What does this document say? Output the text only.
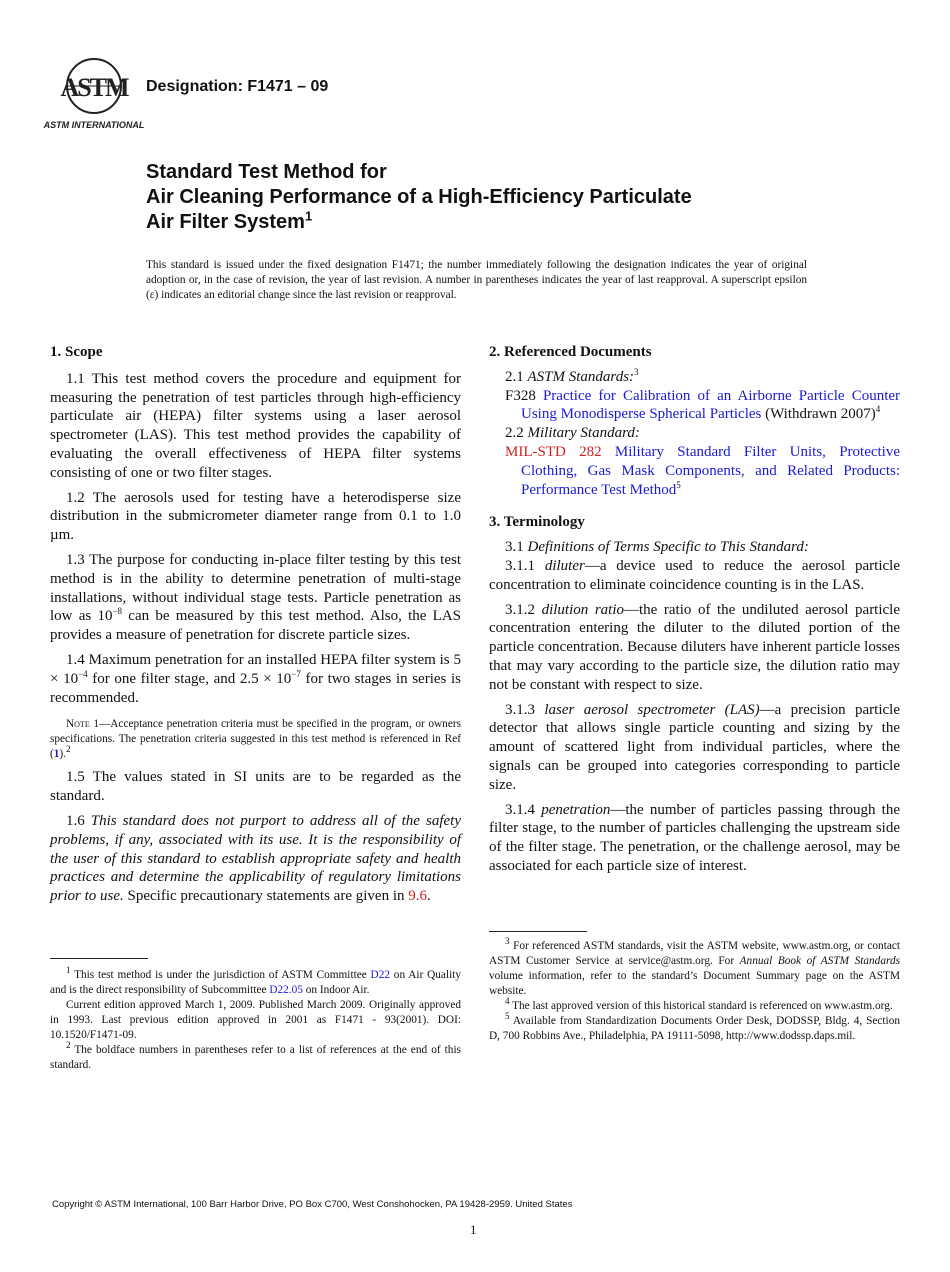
ASTM
ASTM INTERNATIONAL
Designation: F1471 – 09
Standard Test Method for
Air Cleaning Performance of a High-Efficiency Particulate
Air Filter System$^1$
This standard is issued under the fixed designation F1471; the number immediately following the designation indicates the year of original adoption or, in the case of revision, the year of last revision. A number in parentheses indicates the year of last reapproval. A superscript epsilon (ε) indicates an editorial change since the last revision or reapproval.

1. Scope

1.1 This test method covers the procedure and equipment for measuring the penetration of test particles through high-efficiency particulate air (HEPA) filter systems using a laser aerosol spectrometer (LAS). This test method provides the capability of evaluating the overall effectiveness of HEPA filter systems consisting of one or two filter stages.

1.2 The aerosols used for testing have a heterodisperse size distribution in the submicrometer diameter range from 0.1 to 1.0 µm.

1.3 The purpose for conducting in-place filter testing by this test method is in the ability to determine penetration of multi-stage installations, without individual stage tests. Particle penetration as low as $10^{-8}$ can be measured by this test method. Also, the LAS provides a measure of penetration for discrete particle sizes.

1.4 Maximum penetration for an installed HEPA filter system is $5 \times 10^{-4}$ for one filter stage, and $2.5 \times 10^{-7}$ for two stages in series is recommended.

Note 1—Acceptance penetration criteria must be specified in the program, or owners specifications. The penetration criteria suggested in this test method is referenced in Ref (1).$^2$

1.5 The values stated in SI units are to be regarded as the standard.

1.6 This standard does not purport to address all of the safety problems, if any, associated with its use. It is the responsibility of the user of this standard to establish appropriate safety and health practices and determine the applicability of regulatory limitations prior to use. Specific precautionary statements are given in 9.6.

$^1$ This test method is under the jurisdiction of ASTM Committee D22 on Air Quality and is the direct responsibility of Subcommittee D22.05 on Indoor Air.

Current edition approved March 1, 2009. Published March 2009. Originally approved in 1993. Last previous edition approved in 2001 as F1471 - 93(2001). DOI: 10.1520/F1471-09.

$^2$ The boldface numbers in parentheses refer to a list of references at the end of this standard.

2. Referenced Documents

2.1 ASTM Standards:$^3$

F328 Practice for Calibration of an Airborne Particle Counter Using Monodisperse Spherical Particles (Withdrawn 2007)$^4$

2.2 Military Standard:

MIL-STD 282 Military Standard Filter Units, Protective Clothing, Gas Mask Components, and Related Products: Performance Test Method$^5$

3. Terminology

3.1 Definitions of Terms Specific to This Standard:

3.1.1 diluter—a device used to reduce the aerosol particle concentration to eliminate coincidence counting is in the LAS.

3.1.2 dilution ratio—the ratio of the undiluted aerosol particle concentration entering the diluter to the diluted portion of the particle concentration. Because diluters have inherent particle losses that may vary according to the particle size, the dilution ratio may not be constant with respect to size.

3.1.3 laser aerosol spectrometer (LAS)—a precision particle detector that allows single particle counting and sizing by the amount of scattered light from individual particles, where the signals can be grouped into categories corresponding to particle size.

3.1.4 penetration—the number of particles passing through the filter stage, to the number of particles challenging the upstream side of the filter stage. The penetration, or the challenge aerosol, may be associated for each particle size of interest.

$^3$ For referenced ASTM standards, visit the ASTM website, www.astm.org, or contact ASTM Customer Service at service@astm.org. For Annual Book of ASTM Standards volume information, refer to the standard’s Document Summary page on the ASTM website.

$^4$ The last approved version of this historical standard is referenced on www.astm.org.

$^5$ Available from Standardization Documents Order Desk, DODSSP, Bldg. 4, Section D, 700 Robbins Ave., Philadelphia, PA 19111-5098, http://www.dodssp.daps.mil.

Copyright © ASTM International, 100 Barr Harbor Drive, PO Box C700, West Conshohocken, PA 19428-2959. United States
1
